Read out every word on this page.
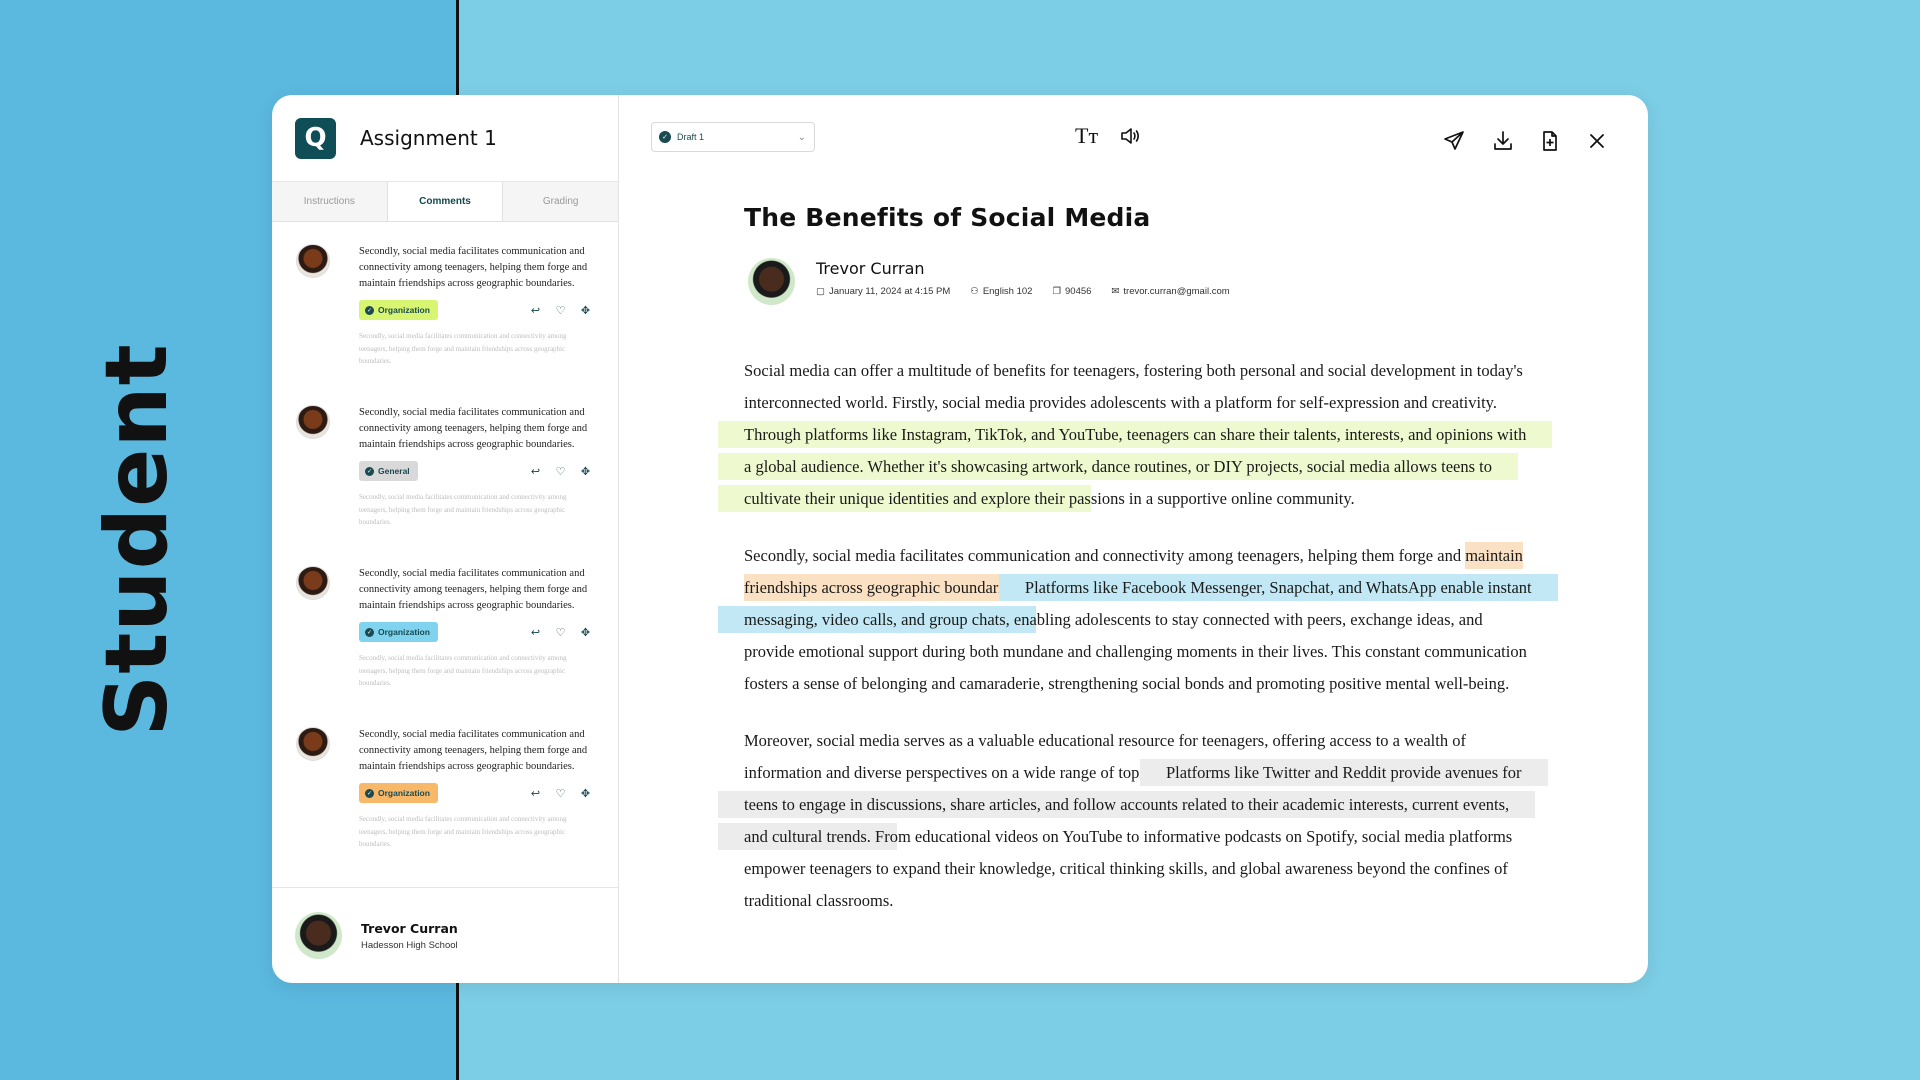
Student
Q	Assignment 1
Instructions	Comments	Grading
Secondly, social media facilitates communication and connectivity among teenagers, helping them forge and maintain friendships across geographic boundaries.
✓ Organization	↩ ♡ ✥
Secondly, social media facilitates communication and connectivity among teenagers, helping them forge and maintain friendships across geographic boundaries.
Secondly, social media facilitates communication and connectivity among teenagers, helping them forge and maintain friendships across geographic boundaries.
✓ General	↩ ♡ ✥
Secondly, social media facilitates communication and connectivity among teenagers, helping them forge and maintain friendships across geographic boundaries.
Secondly, social media facilitates communication and connectivity among teenagers, helping them forge and maintain friendships across geographic boundaries.
✓ Organization	↩ ♡ ✥
Secondly, social media facilitates communication and connectivity among teenagers, helping them forge and maintain friendships across geographic boundaries.
Secondly, social media facilitates communication and connectivity among teenagers, helping them forge and maintain friendships across geographic boundaries.
✓ Organization	↩ ♡ ✥
Secondly, social media facilitates communication and connectivity among teenagers, helping them forge and maintain friendships across geographic boundaries.
Trevor Curran
Hadesson High School
✓	Draft 1	⌄	Tт
The Benefits of Social Media
Trevor Curran
▢ January 11, 2024 at 4:15 PM ⚇ English 102 ❐ 90456 ✉ trevor.curran@gmail.com

Social media can offer a multitude of benefits for teenagers, fostering both personal and social development in today's interconnected world. Firstly, social media provides adolescents with a platform for self-expression and creativity. Through platforms like Instagram, TikTok, and YouTube, teenagers can share their talents, interests, and opinions with a global audience. Whether it's showcasing artwork, dance routines, or DIY projects, social media allows teens to cultivate their unique identities and explore their passions in a supportive online community.

Secondly, social media facilitates communication and connectivity among teenagers, helping them forge and maintain friendships across geographic boundaries. Platforms like Facebook Messenger, Snapchat, and WhatsApp enable instant messaging, video calls, and group chats, enabling adolescents to stay connected with peers, exchange ideas, and provide emotional support during both mundane and challenging moments in their lives. This constant communication fosters a sense of belonging and camaraderie, strengthening social bonds and promoting positive mental well-being.

Moreover, social media serves as a valuable educational resource for teenagers, offering access to a wealth of information and diverse perspectives on a wide range of topics. Platforms like Twitter and Reddit provide avenues for teens to engage in discussions, share articles, and follow accounts related to their academic interests, current events, and cultural trends. From educational videos on YouTube to informative podcasts on Spotify, social media platforms empower teenagers to expand their knowledge, critical thinking skills, and global awareness beyond the confines of traditional classrooms.
